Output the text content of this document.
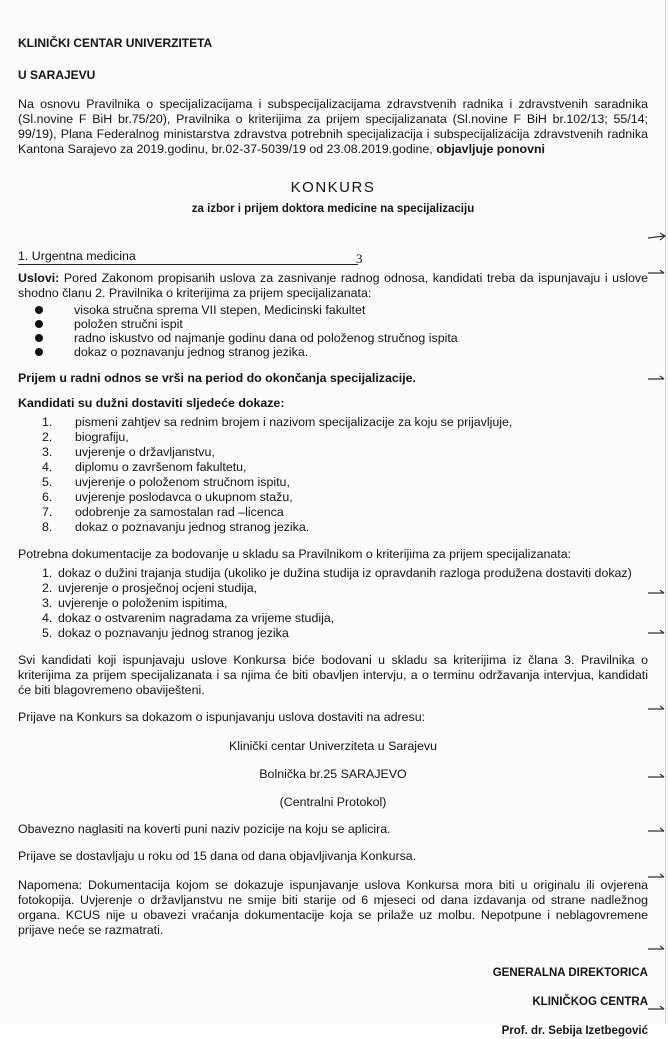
KLINIČKI CENTAR UNIVERZITETA

U SARAJEVU

Na osnovu Pravilnika o specijalizacijama i subspecijalizacijama zdravstvenih radnika i zdravstvenih saradnika (Sl.novine F BiH br.75/20), Pravilnika o kriterijima za prijem specijalizanata (Sl.novine F BiH br.102/13; 55/14; 99/19), Plana Federalnog ministarstva zdravstva potrebnih specijalizacija i subspecijalizacija zdravstvenih radnika Kantona Sarajevo za 2019.godinu, br.02-37-5039/19 od 23.08.2019.godine, objavljuje ponovni

KONKURS

za izbor i prijem doktora medicine na specijalizaciju

1. Urgentna medicina	3

Uslovi: Pored Zakonom propisanih uslova za zasnivanje radnog odnosa, kandidati treba da ispunjavaju i uslove shodno članu 2. Pravilnika o kriterijima za prijem specijalizanata:

visoka stručna sprema VII stepen, Medicinski fakultet
položen stručni ispit
radno iskustvo od najmanje godinu dana od položenog stručnog ispita
dokaz o poznavanju jednog stranog jezika.

Prijem u radni odnos se vrši na period do okončanja specijalizacije.

Kandidati su dužni dostaviti sljedeće dokaze:

1. pismeni zahtjev sa rednim brojem i nazivom specijalizacije za koju se prijavljuje,
2. biografiju,
3. uvjerenje o državljanstvu,
4. diplomu o završenom fakultetu,
5. uvjerenje o položenom stručnom ispitu,
6. uvjerenje poslodavca o ukupnom stažu,
7. odobrenje za samostalan rad –licenca
8. dokaz o poznavanju jednog stranog jezika.

Potrebna dokumentacije za bodovanje u skladu sa Pravilnikom o kriterijima za prijem specijalizanata:

1. dokaz o dužini trajanja studija (ukoliko je dužina studija iz opravdanih razloga produžena dostaviti dokaz)
2. uvjerenje o prosječnoj ocjeni studija,
3. uvjerenje o položenim ispitima,
4. dokaz o ostvarenim nagradama za vrijeme studija,
5. dokaz o poznavanju jednog stranog jezika

Svi kandidati koji ispunjavaju uslove Konkursa biće bodovani u skladu sa kriterijima iz člana 3. Pravilnika o kriterijima za prijem specijalizanata i sa njima će biti obavljen intervju, a o terminu održavanja intervjua, kandidati će biti blagovremeno obaviješteni.

Prijave na Konkurs sa dokazom o ispunjavanju uslova dostaviti na adresu:

Klinički centar Univerziteta u Sarajevu

Bolnička br.25 SARAJEVO

(Centralni Protokol)

Obavezno naglasiti na koverti puni naziv pozicije na koju se aplicira.

Prijave se dostavljaju u roku od 15 dana od dana objavljivanja Konkursa.

Napomena: Dokumentacija kojom se dokazuje ispunjavanje uslova Konkursa mora biti u originalu ili ovjerena fotokopija. Uvjerenje o državljanstvu ne smije biti starije od 6 mjeseci od dana izdavanja od strane nadležnog organa. KCUS nije u obavezi vraćanja dokumentacije koja se prilaže uz molbu. Nepotpune i neblagovremene prijave neće se razmatrati.

GENERALNA DIREKTORICA

KLINIČKOG CENTRA

Prof. dr. Sebija Izetbegović
